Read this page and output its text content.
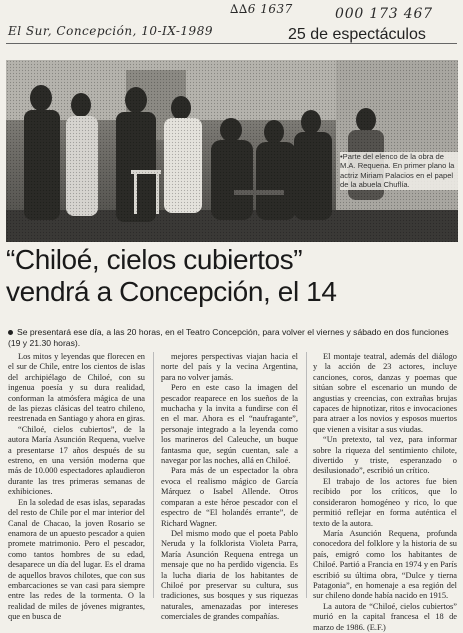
∆∆6 1637	000 173 467
El Sur, Concepción, 10-IX-1989	25 de espectáculos
•Parte del elenco de la obra de M.A. Requena. En primer plano la actriz Miriam Palacios en el papel de la abuela Chuflía.
“Chiloé, cielos cubiertos”
vendrá a Concepción, el 14
Se presentará ese día, a las 20 horas, en el Teatro Concepción, para volver el viernes y sábado en dos funciones (19 y 21.30 horas).

Los mitos y leyendas que florecen en el sur de Chile, entre los cientos de islas del archipiélago de Chiloé, con su ingenua poesía y su dura realidad, conforman la atmósfera mágica de una de las piezas clásicas del teatro chileno, reestrenada en Santiago y ahora en giras.

“Chiloé, cielos cubiertos”, de la autora María Asunción Requena, vuelve a presentarse 17 años después de su estreno, en una versión moderna que más de 10.000 espectadores aplaudieron durante las tres primeras semanas de exhibiciones.

En la soledad de esas islas, separadas del resto de Chile por el mar interior del Canal de Chacao, la joven Rosario se enamora de un apuesto pescador a quien promete matrimonio. Pero el pescador, como tantos hombres de su edad, desaparece un día del lugar. Es el drama de aquellos bravos chilotes, que con sus embarcaciones se van casi para siempre entre las redes de la tormenta. O la realidad de miles de jóvenes migrantes, que en busca de

mejores perspectivas viajan hacia el norte del país y la vecina Argentina, para no volver jamás.

Pero en este caso la imagen del pescador reaparece en los sueños de la muchacha y la invita a fundirse con él en el mar. Ahora es el “naufragante”, personaje integrado a la leyenda como los marineros del Caleuche, un buque fantasma que, según cuentan, sale a navegar por las noches, allá en Chiloé.

Para más de un espectador la obra evoca el realismo mágico de García Márquez o Isabel Allende. Otros comparan a este héroe pescador con el espectro de “El holandés errante”, de Richard Wagner.

Del mismo modo que el poeta Pablo Neruda y la folklorista Violeta Parra, María Asunción Requena entrega un mensaje que no ha perdido vigencia. Es la lucha diaria de los habitantes de Chiloé por preservar su cultura, sus tradiciones, sus bosques y sus riquezas naturales, amenazadas por intereses comerciales de grandes compañías.

El montaje teatral, además del diálogo y la acción de 23 actores, incluye canciones, coros, danzas y poemas que sitúan sobre el escenario un mundo de angustias y creencias, con extrañas brujas capaces de hipnotizar, ritos e invocaciones para atraer a los novios y esposos muertos que vienen a visitar a sus viudas.

“Un pretexto, tal vez, para informar sobre la riqueza del sentimiento chilote, divertido y triste, esperanzado o desilusionado”, escribió un crítico.

El trabajo de los actores fue bien recibido por los críticos, que lo consideraron homogéneo y rico, lo que permitió reflejar en forma auténtica el texto de la autora.

María Asunción Requena, profunda conocedora del folklore y la historia de su país, emigró como los habitantes de Chiloé. Partió a Francia en 1974 y en París escribió su última obra, “Dulce y tierna Patagonia”, en homenaje a esa región del sur chileno donde había nacido en 1915.

La autora de “Chiloé, cielos cubiertos” murió en la capital francesa el 18 de marzo de 1986. (E.F.)
